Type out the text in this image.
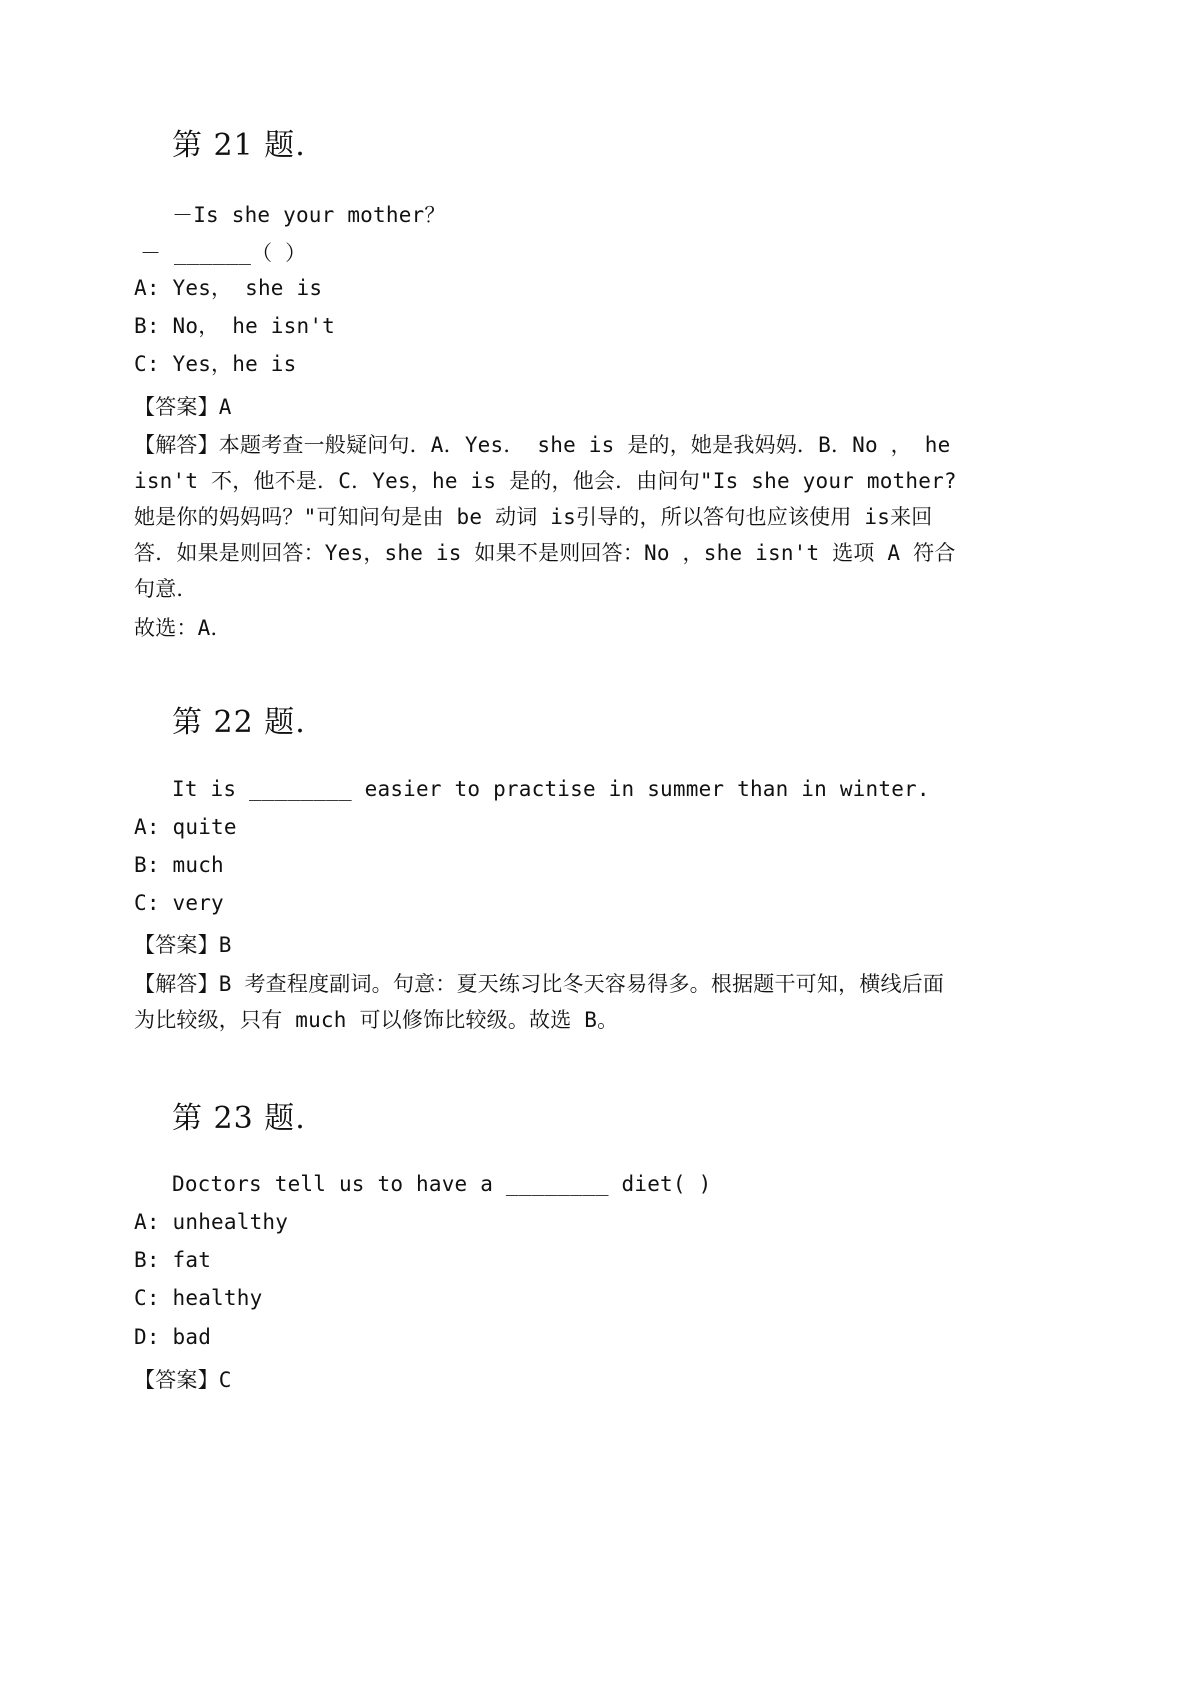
第 21 题.
－Is she your mother？
－ ______（ ）
A: Yes， she is
B: No， he isn't
C: Yes，he is
【答案】A
【解答】本题考查一般疑问句．A．Yes． she is 是的，她是我妈妈．B．No ， he isn't 不，他不是．C．Yes，he is 是的，他会．由问句"Is she your mother? 她是你的妈妈吗？"可知问句是由 be 动词 is引导的，所以答句也应该使用 is来回答．如果是则回答：Yes，she is 如果不是则回答：No ，she isn't 选项 A 符合句意．
故选：A．
第 22 题.
It is ________ easier to practise in summer than in winter.
A: quite
B: much
C: very
【答案】B
【解答】B 考查程度副词。句意：夏天练习比冬天容易得多。根据题干可知，横线后面为比较级，只有 much 可以修饰比较级。故选 B。
第 23 题.
Doctors tell us to have a ________ diet( )
A: unhealthy
B: fat
C: healthy
D: bad
【答案】C
